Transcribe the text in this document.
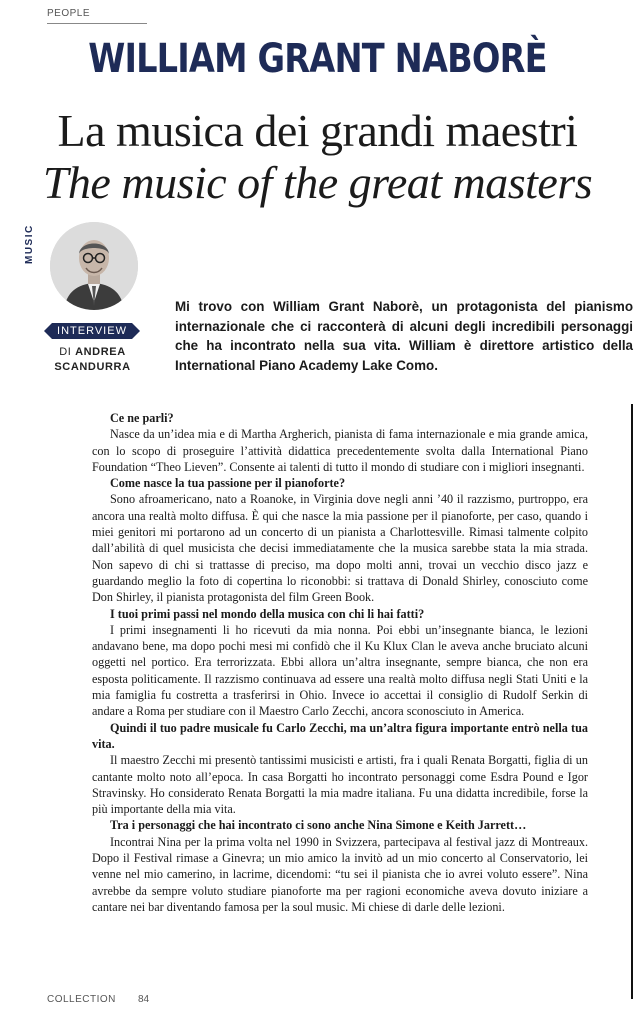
PEOPLE
WILLIAM GRANT NABORÈ
La musica dei grandi maestri
The music of the great masters
MUSIC
INTERVIEW
DI ANDREA
SCANDURRA
Mi trovo con William Grant Naborè, un protagonista del pianismo internazionale che ci racconterà di alcuni degli incredibili personaggi che ha incontrato nella sua vita. William è direttore artistico della International Piano Academy Lake Como.

Ce ne parli?

Nasce da un’idea mia e di Martha Argherich, pianista di fama internazionale e mia grande amica, con lo scopo di proseguire l’attività didattica precedentemente svolta dalla International Piano Foundation “Theo Lieven”. Consente ai talenti di tutto il mondo di studiare con i migliori insegnanti.

Come nasce la tua passione per il pianoforte?

Sono afroamericano, nato a Roanoke, in Virginia dove negli anni ’40 il razzismo, purtroppo, era ancora una realtà molto diffusa. È qui che nasce la mia passione per il pianoforte, per caso, quando i miei genitori mi portarono ad un concerto di un pianista a Charlottesville. Rimasi talmente colpito dall’abilità di quel musicista che decisi immediatamente che la musica sarebbe stata la mia strada. Non sapevo di chi si trattasse di preciso, ma dopo molti anni, trovai un vecchio disco jazz e guardando meglio la foto di copertina lo riconobbi: si trattava di Donald Shirley, conosciuto come Don Shirley, il pianista protagonista del film Green Book.

I tuoi primi passi nel mondo della musica con chi li hai fatti?

I primi insegnamenti li ho ricevuti da mia nonna. Poi ebbi un’insegnante bianca, le lezioni andavano bene, ma dopo pochi mesi mi confidò che il Ku Klux Clan le aveva anche bruciato alcuni oggetti nel portico. Era terrorizzata. Ebbi allora un’altra insegnante, sempre bianca, che non era esposta politicamente. Il razzismo continuava ad essere una realtà molto diffusa negli Stati Uniti e la mia famiglia fu costretta a trasferirsi in Ohio. Invece io accettai il consiglio di Rudolf Serkin di andare a Roma per studiare con il Maestro Carlo Zecchi, ancora sconosciuto in America.

Quindi il tuo padre musicale fu Carlo Zecchi, ma un’altra figura importante entrò nella tua vita.

Il maestro Zecchi mi presentò tantissimi musicisti e artisti, fra i quali Renata Borgatti, figlia di un cantante molto noto all’epoca. In casa Borgatti ho incontrato personaggi come Esdra Pound e Igor Stravinsky. Ho considerato Renata Borgatti la mia madre italiana. Fu una didatta incredibile, forse la più importante della mia vita.

Tra i personaggi che hai incontrato ci sono anche Nina Simone e Keith Jarrett…

Incontrai Nina per la prima volta nel 1990 in Svizzera, partecipava al festival jazz di Montreaux. Dopo il Festival rimase a Ginevra; un mio amico la invitò ad un mio concerto al Conservatorio, lei venne nel mio camerino, in lacrime, dicendomi: “tu sei il pianista che io avrei voluto essere”. Nina avrebbe da sempre voluto studiare pianoforte ma per ragioni economiche aveva dovuto iniziare a cantare nei bar diventando famosa per la soul music. Mi chiese di darle delle lezioni.

COLLECTION 84
